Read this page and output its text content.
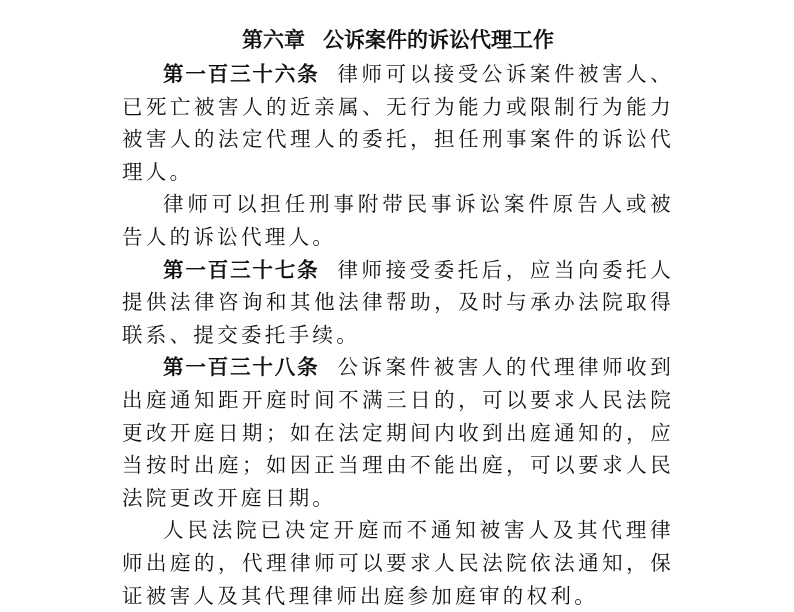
第六章 公诉案件的诉讼代理工作

第一百三十六条 律师可以接受公诉案件被害人、已死亡被害人的近亲属、无行为能力或限制行为能力被害人的法定代理人的委托，担任刑事案件的诉讼代理人。

律师可以担任刑事附带民事诉讼案件原告人或被告人的诉讼代理人。

第一百三十七条 律师接受委托后，应当向委托人提供法律咨询和其他法律帮助，及时与承办法院取得联系、提交委托手续。

第一百三十八条 公诉案件被害人的代理律师收到出庭通知距开庭时间不满三日的，可以要求人民法院更改开庭日期；如在法定期间内收到出庭通知的，应当按时出庭；如因正当理由不能出庭，可以要求人民法院更改开庭日期。

人民法院已决定开庭而不通知被害人及其代理律师出庭的，代理律师可以要求人民法院依法通知，保证被害人及其代理律师出庭参加庭审的权利。
